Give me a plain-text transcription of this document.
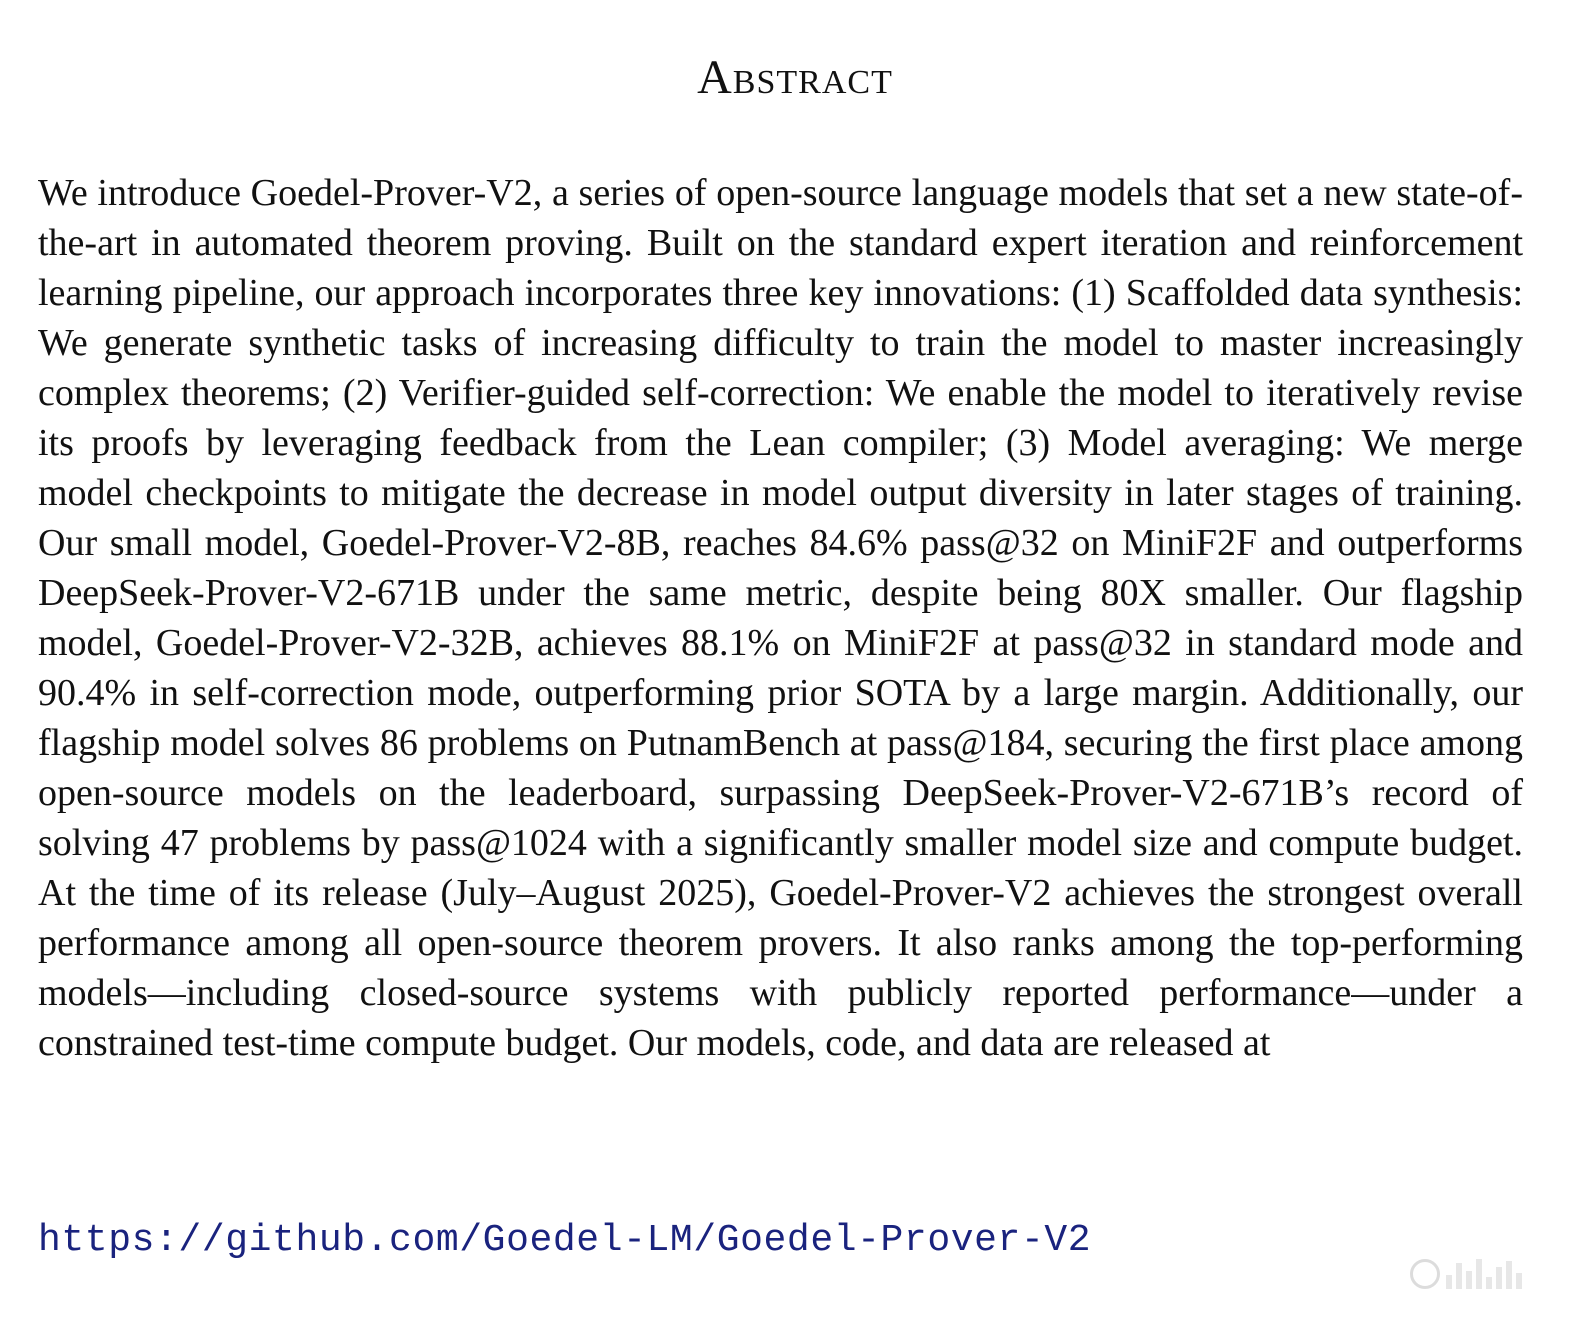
Abstract

We introduce Goedel-Prover-V2, a series of open-source language models that set a new state-of-the-art in automated theorem proving. Built on the standard expert iteration and reinforcement learning pipeline, our approach incorporates three key innovations: (1) Scaffolded data synthesis: We generate synthetic tasks of increasing difficulty to train the model to master increasingly complex theorems; (2) Verifier-guided self-correction: We enable the model to iteratively revise its proofs by leveraging feedback from the Lean compiler; (3) Model averaging: We merge model checkpoints to mitigate the decrease in model output diversity in later stages of training. Our small model, Goedel-Prover-V2-8B, reaches 84.6% pass@32 on MiniF2F and outperforms DeepSeek-Prover-V2-671B under the same metric, despite being 80X smaller. Our flagship model, Goedel-Prover-V2-32B, achieves 88.1% on MiniF2F at pass@32 in standard mode and 90.4% in self-correction mode, outperforming prior SOTA by a large margin. Additionally, our flagship model solves 86 problems on PutnamBench at pass@184, securing the first place among open-source models on the leaderboard, surpassing DeepSeek-Prover-V2-671B’s record of solving 47 problems by pass@1024 with a significantly smaller model size and compute budget. At the time of its release (July–August 2025), Goedel-Prover-V2 achieves the strongest overall performance among all open-source theorem provers. It also ranks among the top-performing models—including closed-source systems with publicly reported performance—under a constrained test-time compute budget. Our models, code, and data are released at

https://github.com/Goedel-LM/Goedel-Prover-V2
